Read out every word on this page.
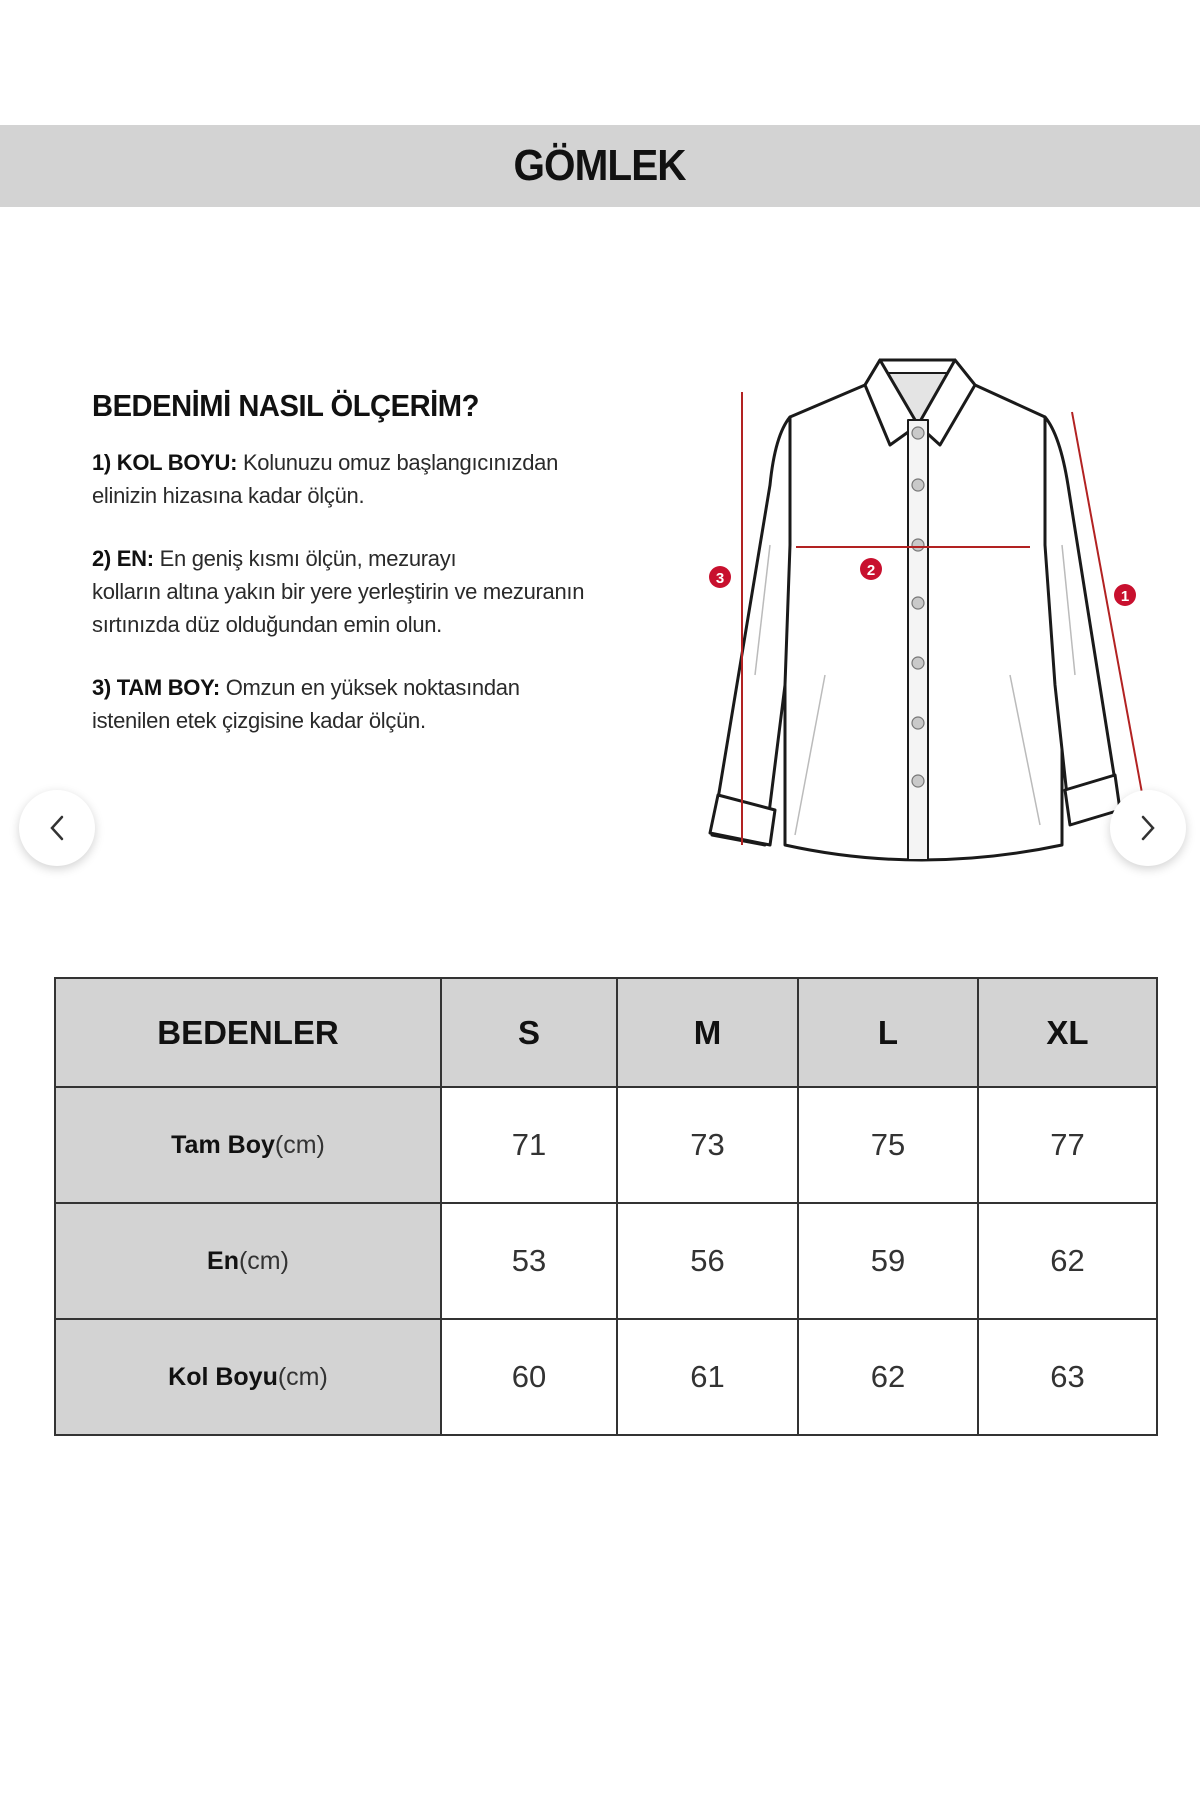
GÖMLEK
BEDENİMİ NASIL ÖLÇERİM?

1) KOL BOYU: Kolunuzu omuz başlangıcınızdan
elinizin hizasına kadar ölçün.

2) EN: En geniş kısmı ölçün, mezurayı
kolların altına yakın bir yere yerleştirin ve mezuranın
sırtınızda düz olduğundan emin olun.

3) TAM BOY: Omzun en yüksek noktasından
istenilen etek çizgisine kadar ölçün.

3	2
1
BEDENLER	S	M	L	XL
Tam Boy(cm)	71	73	75	77
En(cm)	53	56	59	62
Kol Boyu(cm)	60	61	62	63
